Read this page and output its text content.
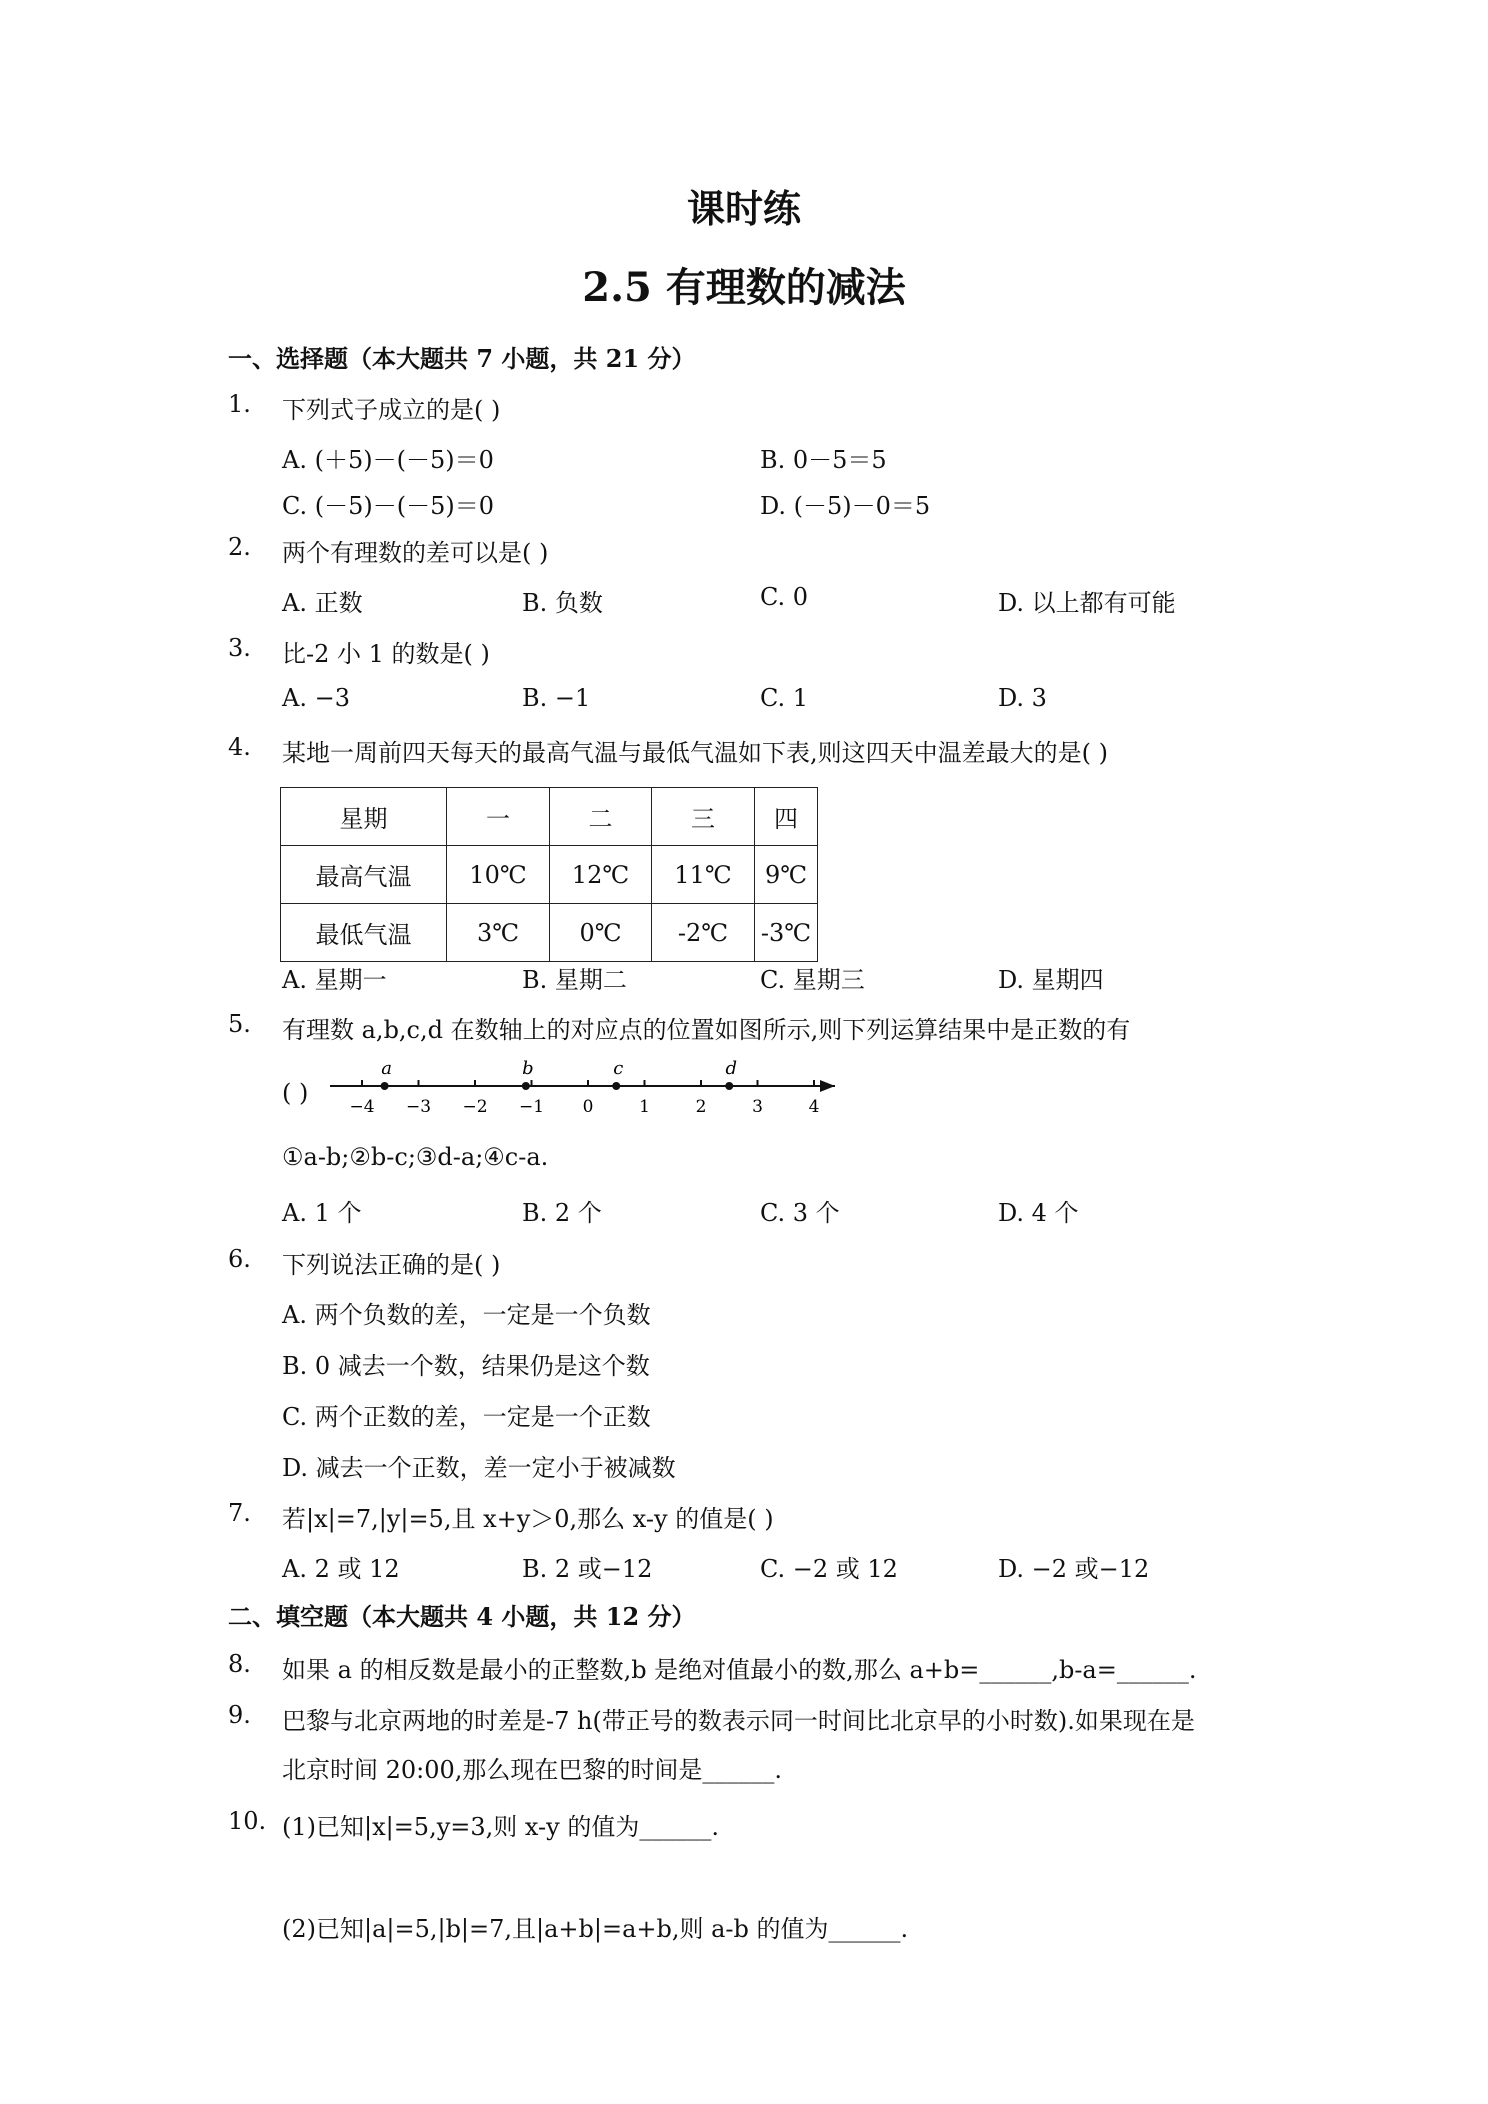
课时练
2.5 有理数的减法
一、选择题（本大题共 7 小题，共 21 分）
1. 下列式子成立的是( )
A. (＋5)－(－5)＝0	B. 0－5＝5
C. (－5)－(－5)＝0	D. (－5)－0＝5
2. 两个有理数的差可以是( )
A. 正数	B. 负数	C. 0	D. 以上都有可能
3. 比-2 小 1 的数是( )
A. −3	B. −1	C. 1	D. 3
4. 某地一周前四天每天的最高气温与最低气温如下表,则这四天中温差最大的是( )
星期	一	二	三	四
最高气温	10℃	12℃	11℃	9℃
最低气温	3℃	0℃	-2℃	-3℃
A. 星期一	B. 星期二	C. 星期三	D. 星期四
5. 有理数 a,b,c,d 在数轴上的对应点的位置如图所示,则下列运算结果中是正数的有
( ) −4 −3 −2 −1 0	1	2	3	4
a	b	c	d
①a-b;②b-c;③d-a;④c-a.
A. 1 个	B. 2 个	C. 3 个	D. 4 个
6. 下列说法正确的是( )
A. 两个负数的差，一定是一个负数
B. 0 减去一个数，结果仍是这个数
C. 两个正数的差，一定是一个正数
D. 减去一个正数，差一定小于被减数
7. 若|x|=7,|y|=5,且 x+y＞0,那么 x-y 的值是( )
A. 2 或 12	B. 2 或−12	C. −2 或 12	D. −2 或−12
二、填空题（本大题共 4 小题，共 12 分）
8. 如果 a 的相反数是最小的正整数,b 是绝对值最小的数,那么 a+b=______,b-a=______.
9. 巴黎与北京两地的时差是-7 h(带正号的数表示同一时间比北京早的小时数).如果现在是
北京时间 20:00,那么现在巴黎的时间是______.
10. (1)已知|x|=5,y=3,则 x-y 的值为______.
(2)已知|a|=5,|b|=7,且|a+b|=a+b,则 a-b 的值为______.
